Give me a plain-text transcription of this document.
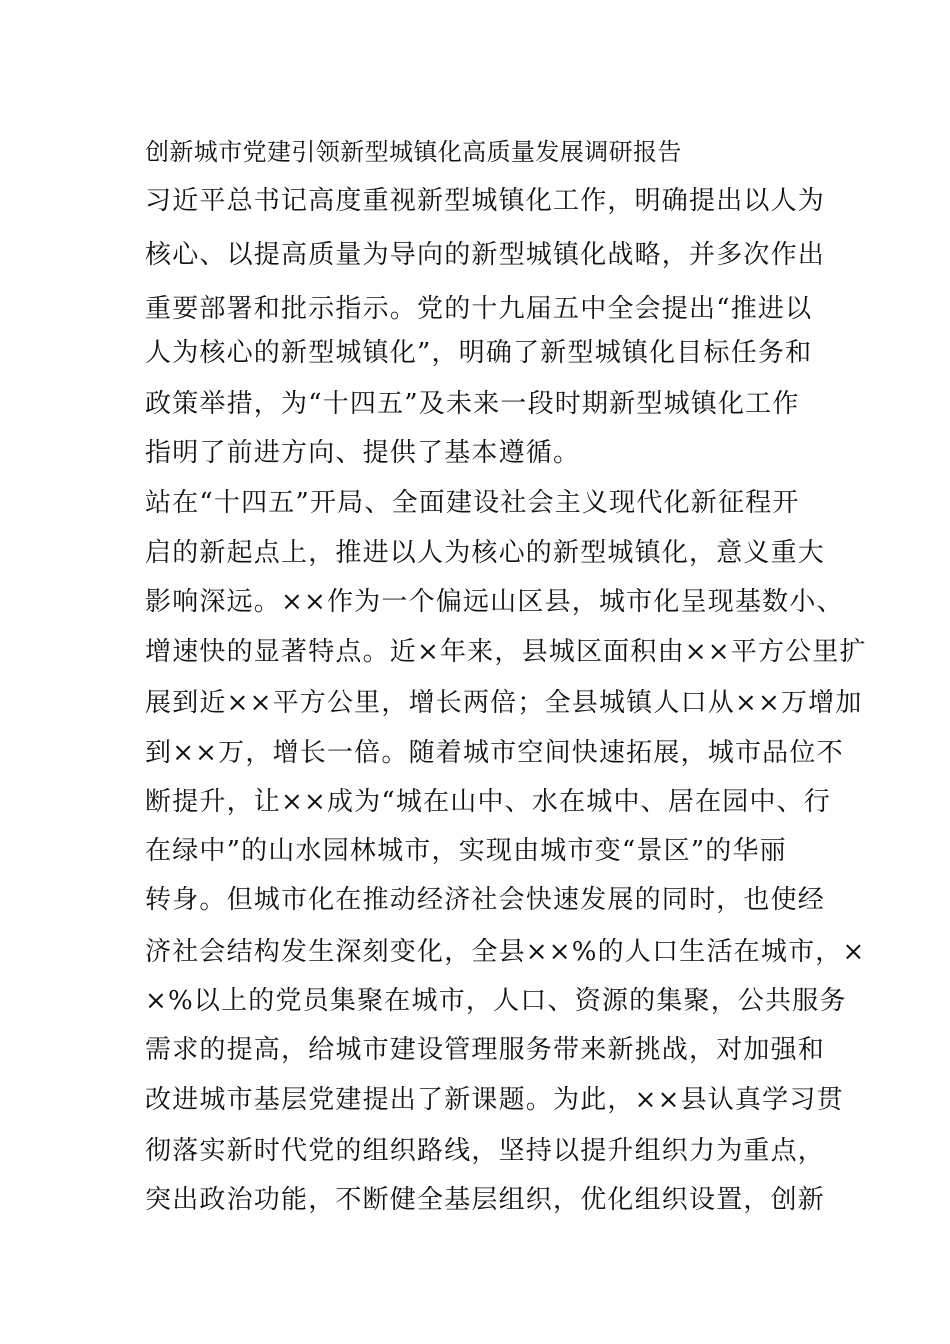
创新城市党建引领新型城镇化高质量发展调研报告
习近平总书记高度重视新型城镇化工作，明确提出以人为
核心、以提高质量为导向的新型城镇化战略，并多次作出
重要部署和批示指示。党的十九届五中全会提出“推进以
人为核心的新型城镇化”，明确了新型城镇化目标任务和
政策举措，为“十四五”及未来一段时期新型城镇化工作
指明了前进方向、提供了基本遵循。
站在“十四五”开局、全面建设社会主义现代化新征程开
启的新起点上，推进以人为核心的新型城镇化，意义重大
影响深远。××作为一个偏远山区县，城市化呈现基数小、
增速快的显著特点。近×年来，县城区面积由××平方公里扩
展到近××平方公里，增长两倍；全县城镇人口从××万增加
到××万，增长一倍。随着城市空间快速拓展，城市品位不
断提升，让××成为“城在山中、水在城中、居在园中、行
在绿中”的山水园林城市，实现由城市变“景区”的华丽
转身。但城市化在推动经济社会快速发展的同时，也使经
济社会结构发生深刻变化，全县××%的人口生活在城市，×
×%以上的党员集聚在城市，人口、资源的集聚，公共服务
需求的提高，给城市建设管理服务带来新挑战，对加强和
改进城市基层党建提出了新课题。为此，××县认真学习贯
彻落实新时代党的组织路线，坚持以提升组织力为重点，
突出政治功能，不断健全基层组织，优化组织设置，创新
